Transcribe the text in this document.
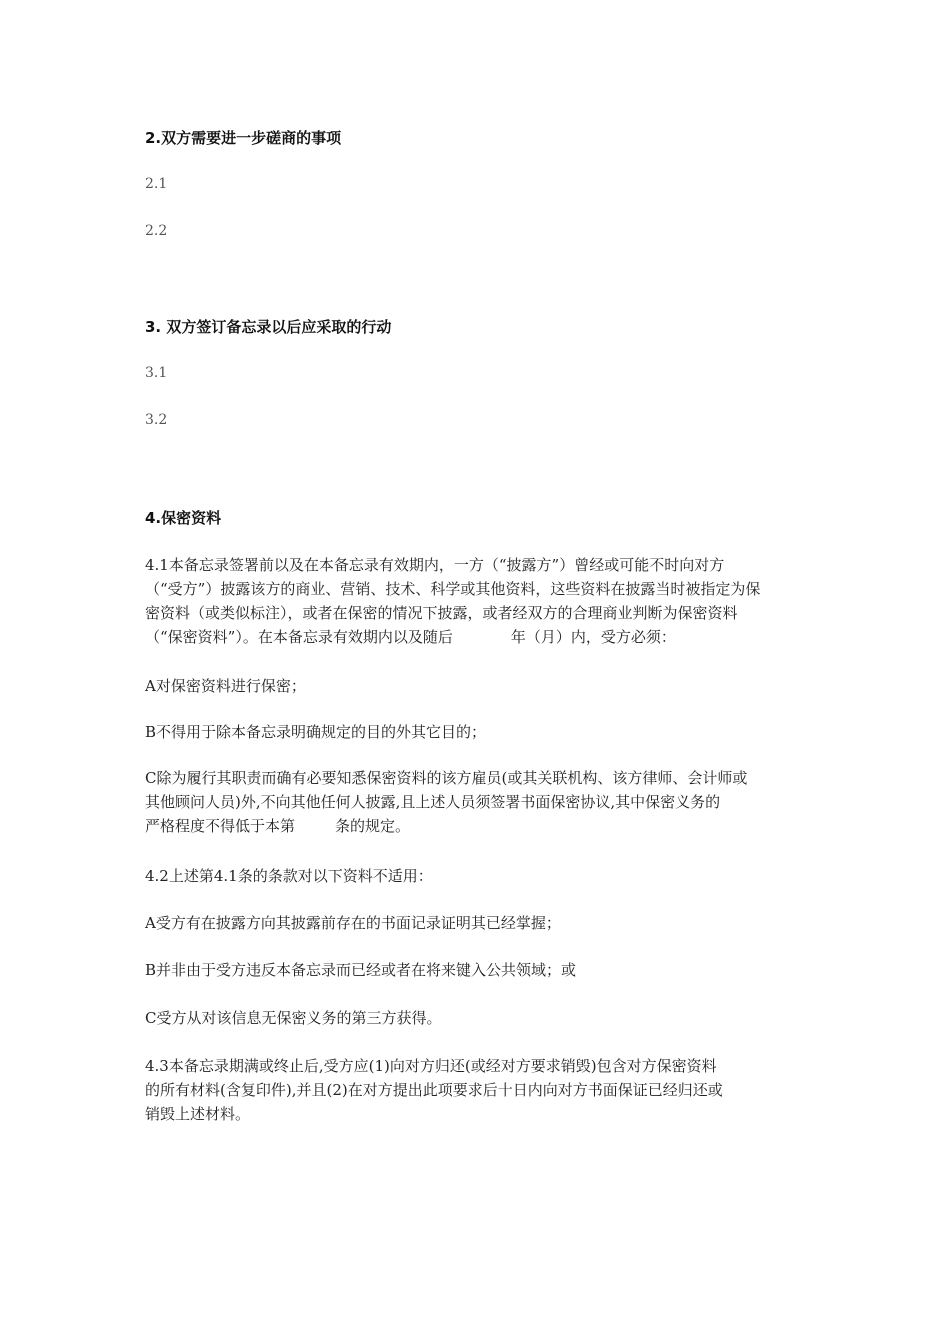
2.双方需要进一步磋商的事项
2.1
2.2
3. 双方签订备忘录以后应采取的行动
3.1
3.2
4.保密资料
4.1本备忘录签署前以及在本备忘录有效期内，一方（“披露方”）曾经或可能不时向对方
（“受方”）披露该方的商业、营销、技术、科学或其他资料，这些资料在披露当时被指定为保
密资料（或类似标注），或者在保密的情况下披露，或者经双方的合理商业判断为保密资料
（“保密资料”）。在本备忘录有效期内以及随后	年（月）内，受方必须：
A对保密资料进行保密；
B不得用于除本备忘录明确规定的目的外其它目的；
C除为履行其职责而确有必要知悉保密资料的该方雇员(或其关联机构、该方律师、会计师或
其他顾问人员)外,不向其他任何人披露,且上述人员须签署书面保密协议,其中保密义务的
严格程度不得低于本第	条的规定。
4.2上述第4.1条的条款对以下资料不适用：
A受方有在披露方向其披露前存在的书面记录证明其已经掌握；
B并非由于受方违反本备忘录而已经或者在将来键入公共领域；或
C受方从对该信息无保密义务的第三方获得。
4.3本备忘录期满或终止后,受方应(1)向对方归还(或经对方要求销毁)包含对方保密资料
的所有材料(含复印件),并且(2)在对方提出此项要求后十日内向对方书面保证已经归还或
销毁上述材料。
